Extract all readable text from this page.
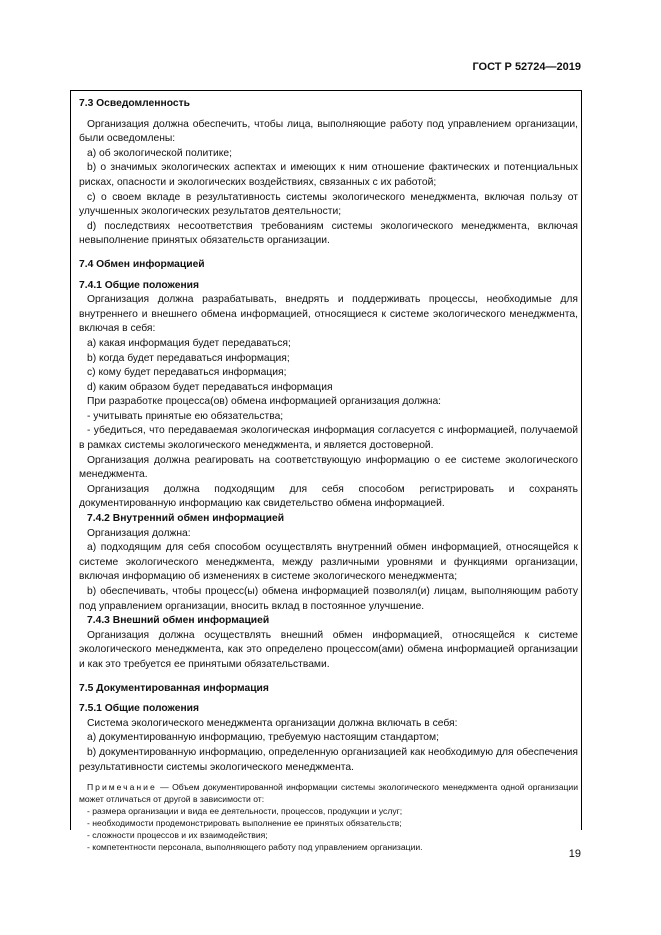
ГОСТ Р 52724—2019

7.3 Осведомленность

Организация должна обеспечить, чтобы лица, выполняющие работу под управлением организации, были осведомлены:

a) об экологической политике;

b) о значимых экологических аспектах и имеющих к ним отношение фактических и потенциальных рисках, опасности и экологических воздействиях, связанных с их работой;

c) о своем вкладе в результативность системы экологического менеджмента, включая пользу от улучшенных экологических результатов деятельности;

d) последствиях несоответствия требованиям системы экологического менеджмента, включая невыполнение принятых обязательств организации.

7.4 Обмен информацией

7.4.1 Общие положения

Организация должна разрабатывать, внедрять и поддерживать процессы, необходимые для внутреннего и внешнего обмена информацией, относящиеся к системе экологического менеджмента, включая в себя:

a) какая информация будет передаваться;

b) когда будет передаваться информация;

c) кому будет передаваться информация;

d) каким образом будет передаваться информация

При разработке процесса(ов) обмена информацией организация должна:

- учитывать принятые ею обязательства;

- убедиться, что передаваемая экологическая информация согласуется с информацией, получаемой в рамках системы экологического менеджмента, и является достоверной.

Организация должна реагировать на соответствующую информацию о ее системе экологического менеджмента.

Организация должна подходящим для себя способом регистрировать и сохранять документированную информацию как свидетельство обмена информацией.

7.4.2 Внутренний обмен информацией

Организация должна:

a) подходящим для себя способом осуществлять внутренний обмен информацией, относящейся к системе экологического менеджмента, между различными уровнями и функциями организации, включая информацию об изменениях в системе экологического менеджмента;

b) обеспечивать, чтобы процесс(ы) обмена информацией позволял(и) лицам, выполняющим работу под управлением организации, вносить вклад в постоянное улучшение.

7.4.3 Внешний обмен информацией

Организация должна осуществлять внешний обмен информацией, относящейся к системе экологического менеджмента, как это определено процессом(ами) обмена информацией организации и как это требуется ее принятыми обязательствами.

7.5 Документированная информация

7.5.1 Общие положения

Система экологического менеджмента организации должна включать в себя:

a) документированную информацию, требуемую настоящим стандартом;

b) документированную информацию, определенную организацией как необходимую для обеспечения результативности системы экологического менеджмента.

Примечание — Объем документированной информации системы экологического менеджмента одной организации может отличаться от другой в зависимости от:

- размера организации и вида ее деятельности, процессов, продукции и услуг;

- необходимости продемонстрировать выполнение ее принятых обязательств;

- сложности процессов и их взаимодействия;

- компетентности персонала, выполняющего работу под управлением организации.

19
